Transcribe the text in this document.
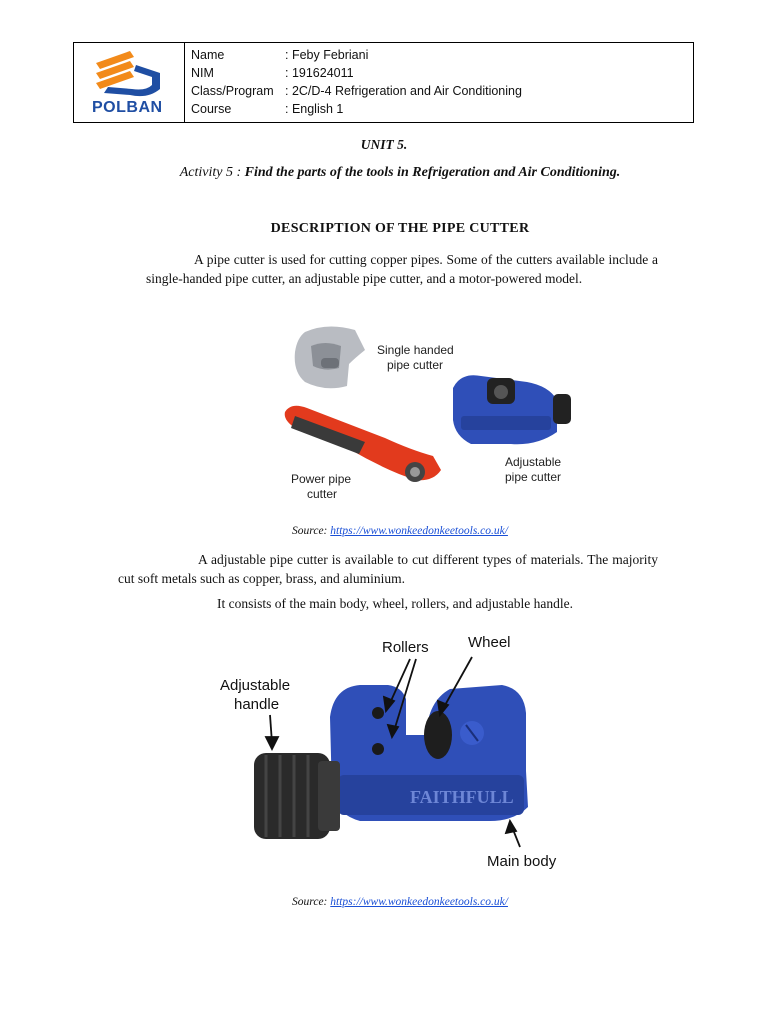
POLBAN
Name	: Feby Febriani
NIM	: 191624011
Class/Program : 2C/D-4 Refrigeration and Air Conditioning
Course	: English 1
UNIT 5.
Activity 5 : Find the parts of the tools in Refrigeration and Air Conditioning.
DESCRIPTION OF THE PIPE CUTTER
A pipe cutter is used for cutting copper pipes. Some of the cutters available include a single-handed pipe cutter, an adjustable pipe cutter, and a motor-powered model.
Single handed
pipe cutter
Power pipe
cutter
Adjustable
pipe cutter
Source: https://www.wonkeedonkeetools.co.uk/
A adjustable pipe cutter is available to cut different types of materials. The majority cut soft metals such as copper, brass, and aluminium.
It consists of the main body, wheel, rollers, and adjustable handle.
Rollers	Wheel
Adjustable
handle
Main body
FAITHFULL
Source: https://www.wonkeedonkeetools.co.uk/
